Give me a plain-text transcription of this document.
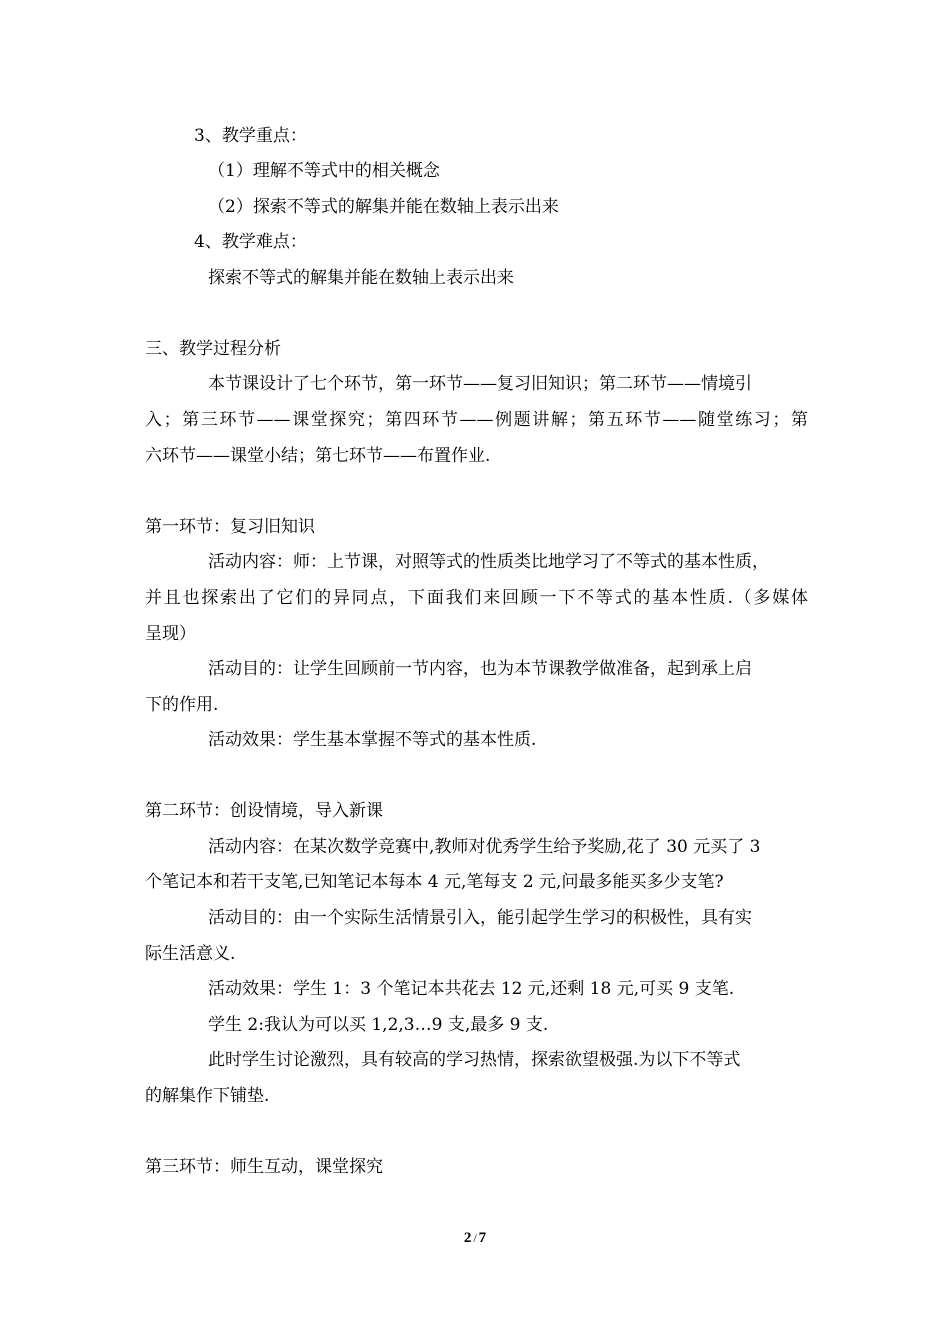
3、教学重点：
（1）理解不等式中的相关概念
（2）探索不等式的解集并能在数轴上表示出来
4、教学难点：
探索不等式的解集并能在数轴上表示出来
三、教学过程分析
本节课设计了七个环节，第一环节——复习旧知识；第二环节——情境引
入；第三环节——课堂探究；第四环节——例题讲解；第五环节——随堂练习；第
六环节——课堂小结；第七环节——布置作业.
第一环节：复习旧知识
活动内容：师：上节课，对照等式的性质类比地学习了不等式的基本性质，
并且也探索出了它们的异同点，下面我们来回顾一下不等式的基本性质.（多媒体
呈现）
活动目的：让学生回顾前一节内容，也为本节课教学做准备，起到承上启
下的作用.
活动效果：学生基本掌握不等式的基本性质.
第二环节：创设情境，导入新课
活动内容：在某次数学竞赛中,教师对优秀学生给予奖励,花了 30 元买了 3
个笔记本和若干支笔,已知笔记本每本 4 元,笔每支 2 元,问最多能买多少支笔?
活动目的：由一个实际生活情景引入，能引起学生学习的积极性，具有实
际生活意义.
活动效果：学生 1：3 个笔记本共花去 12 元,还剩 18 元,可买 9 支笔.
学生 2:我认为可以买 1,2,3…9 支,最多 9 支.
此时学生讨论激烈，具有较高的学习热情，探索欲望极强.为以下不等式
的解集作下铺垫.
第三环节：师生互动，课堂探究
2 / 7
